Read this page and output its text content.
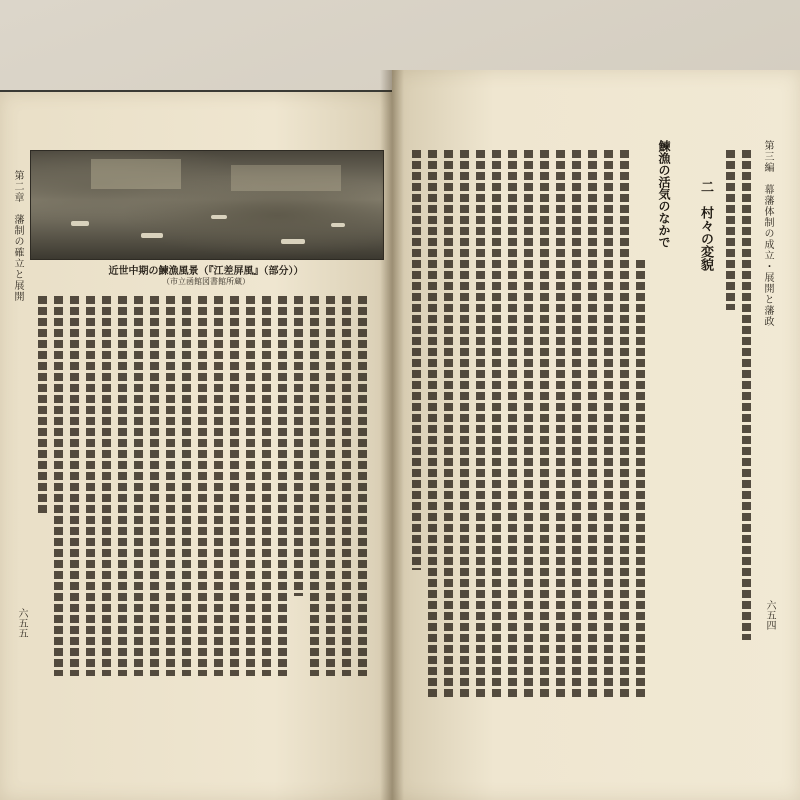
第二章　藩制の確立と展開	近世中期の鰊漁風景（『江差屏風』（部分））
（市立函館図書館所蔵）
六五五
第三編　幕藩体制の成立・展開と藩政
二　村々の変貌
鰊漁の活気のなかで
六五四
